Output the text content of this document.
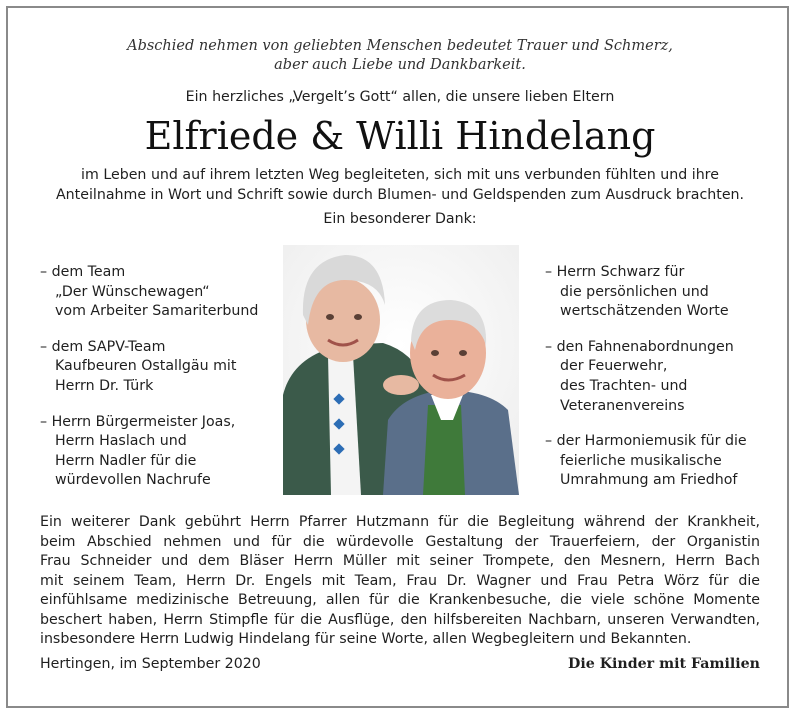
Abschied nehmen von geliebten Menschen bedeutet Trauer und Schmerz,
aber auch Liebe und Dankbarkeit.
Ein herzliches „Vergelt’s Gott“ allen, die unsere lieben Eltern
Elfriede & Willi Hindelang
im Leben und auf ihrem letzten Weg begleiteten, sich mit uns verbunden fühlten und ihre
Anteilnahme in Wort und Schrift sowie durch Blumen- und Geldspenden zum Ausdruck brachten.
Ein besonderer Dank:
– dem Team
„Der Wünschewagen“
vom Arbeiter Samariterbund
– dem SAPV-Team
Kaufbeuren Ostallgäu mit
Herrn Dr. Türk
– Herrn Bürgermeister Joas,
Herrn Haslach und
Herrn Nadler für die
würdevollen Nachrufe
– Herrn Schwarz für
die persönlichen und
wertschätzenden Worte
– den Fahnenabordnungen
der Feuerwehr,
des Trachten- und
Veteranenvereins
– der Harmoniemusik für die
feierliche musikalische
Umrahmung am Friedhof
Ein weiterer Dank gebührt Herrn Pfarrer Hutzmann für die Begleitung während der Krankheit,
beim Abschied nehmen und für die würdevolle Gestaltung der Trauerfeiern, der Organistin
Frau Schneider und dem Bläser Herrn Müller mit seiner Trompete, den Mesnern, Herrn Bach
mit seinem Team, Herrn Dr. Engels mit Team, Frau Dr. Wagner und Frau Petra Wörz für die
einfühlsame medizinische Betreuung, allen für die Krankenbesuche, die viele schöne Momente
beschert haben, Herrn Stimpfle für die Ausflüge, den hilfsbereiten Nachbarn, unseren Verwandten,
insbesondere Herrn Ludwig Hindelang für seine Worte, allen Wegbegleitern und Bekannten.
Hertingen, im September 2020	Die Kinder mit Familien
